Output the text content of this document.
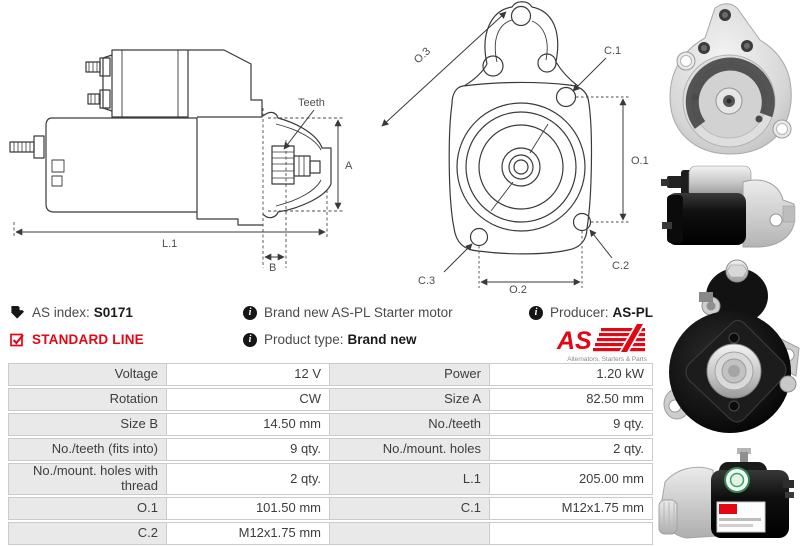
Teeth
A
L.1
B
O.3	C.1
O.1
C.2
C.3
O.2
AS index: S0171
STANDARD LINE
i
Brand new AS-PL Starter motor
i
Product type: Brand new
i
Producer: AS-PL
AS
Alternators, Starters & Parts
Voltage	12 V	Power	1.20 kW
Rotation	CW	Size A	82.50 mm
Size B	14.50 mm	No./teeth	9 qty.
No./teeth (fits into)	9 qty.	No./mount. holes	2 qty.
No./mount. holes with thread	2 qty.	L.1	205.00 mm
O.1	101.50 mm	C.1	M12x1.75 mm
C.2	M12x1.75 mm
